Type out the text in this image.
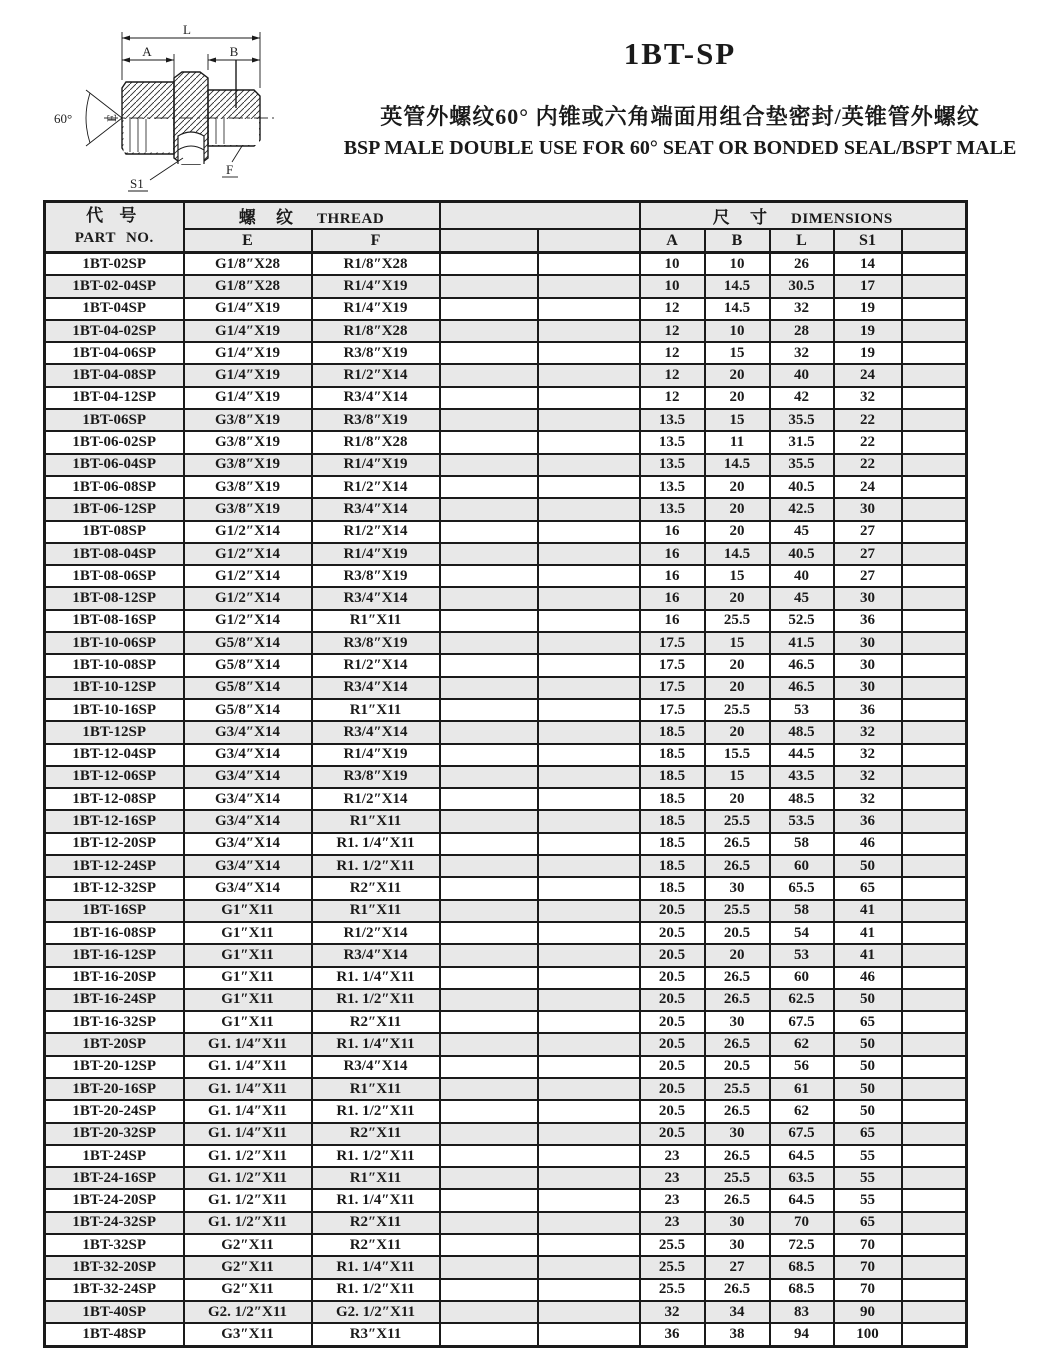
60°
L
A	B
E
F
S1
1BT-SP
英管外螺纹60° 内锥或六角端面用组合垫密封/英锥管外螺纹
BSP MALE DOUBLE USE FOR 60° SEAT OR BONDED SEAL/BSPT MALE
代 号
PART NO.	螺 纹 THREAD				尺 寸 DIMENSIONS				
	E	F			A	B	L	S1	
1BT-02SP	G1/8″X28	R1/8″X28			10	10	26	14	
1BT-02-04SP	G1/8″X28	R1/4″X19			10	14.5	30.5	17	
1BT-04SP	G1/4″X19	R1/4″X19			12	14.5	32	19	
1BT-04-02SP	G1/4″X19	R1/8″X28			12	10	28	19	
1BT-04-06SP	G1/4″X19	R3/8″X19			12	15	32	19	
1BT-04-08SP	G1/4″X19	R1/2″X14			12	20	40	24	
1BT-04-12SP	G1/4″X19	R3/4″X14			12	20	42	32	
1BT-06SP	G3/8″X19	R3/8″X19			13.5	15	35.5	22	
1BT-06-02SP	G3/8″X19	R1/8″X28			13.5	11	31.5	22	
1BT-06-04SP	G3/8″X19	R1/4″X19			13.5	14.5	35.5	22	
1BT-06-08SP	G3/8″X19	R1/2″X14			13.5	20	40.5	24	
1BT-06-12SP	G3/8″X19	R3/4″X14			13.5	20	42.5	30	
1BT-08SP	G1/2″X14	R1/2″X14			16	20	45	27	
1BT-08-04SP	G1/2″X14	R1/4″X19			16	14.5	40.5	27	
1BT-08-06SP	G1/2″X14	R3/8″X19			16	15	40	27	
1BT-08-12SP	G1/2″X14	R3/4″X14			16	20	45	30	
1BT-08-16SP	G1/2″X14	R1″X11			16	25.5	52.5	36	
1BT-10-06SP	G5/8″X14	R3/8″X19			17.5	15	41.5	30	
1BT-10-08SP	G5/8″X14	R1/2″X14			17.5	20	46.5	30	
1BT-10-12SP	G5/8″X14	R3/4″X14			17.5	20	46.5	30	
1BT-10-16SP	G5/8″X14	R1″X11			17.5	25.5	53	36	
1BT-12SP	G3/4″X14	R3/4″X14			18.5	20	48.5	32	
1BT-12-04SP	G3/4″X14	R1/4″X19			18.5	15.5	44.5	32	
1BT-12-06SP	G3/4″X14	R3/8″X19			18.5	15	43.5	32	
1BT-12-08SP	G3/4″X14	R1/2″X14			18.5	20	48.5	32	
1BT-12-16SP	G3/4″X14	R1″X11			18.5	25.5	53.5	36	
1BT-12-20SP	G3/4″X14	R1. 1/4″X11			18.5	26.5	58	46	
1BT-12-24SP	G3/4″X14	R1. 1/2″X11			18.5	26.5	60	50	
1BT-12-32SP	G3/4″X14	R2″X11			18.5	30	65.5	65	
1BT-16SP	G1″X11	R1″X11			20.5	25.5	58	41	
1BT-16-08SP	G1″X11	R1/2″X14			20.5	20.5	54	41	
1BT-16-12SP	G1″X11	R3/4″X14			20.5	20	53	41	
1BT-16-20SP	G1″X11	R1. 1/4″X11			20.5	26.5	60	46	
1BT-16-24SP	G1″X11	R1. 1/2″X11			20.5	26.5	62.5	50	
1BT-16-32SP	G1″X11	R2″X11			20.5	30	67.5	65	
1BT-20SP	G1. 1/4″X11	R1. 1/4″X11			20.5	26.5	62	50	
1BT-20-12SP	G1. 1/4″X11	R3/4″X14			20.5	20.5	56	50	
1BT-20-16SP	G1. 1/4″X11	R1″X11			20.5	25.5	61	50	
1BT-20-24SP	G1. 1/4″X11	R1. 1/2″X11			20.5	26.5	62	50	
1BT-20-32SP	G1. 1/4″X11	R2″X11			20.5	30	67.5	65	
1BT-24SP	G1. 1/2″X11	R1. 1/2″X11			23	26.5	64.5	55	
1BT-24-16SP	G1. 1/2″X11	R1″X11			23	25.5	63.5	55	
1BT-24-20SP	G1. 1/2″X11	R1. 1/4″X11			23	26.5	64.5	55	
1BT-24-32SP	G1. 1/2″X11	R2″X11			23	30	70	65	
1BT-32SP	G2″X11	R2″X11			25.5	30	72.5	70	
1BT-32-20SP	G2″X11	R1. 1/4″X11			25.5	27	68.5	70	
1BT-32-24SP	G2″X11	R1. 1/2″X11			25.5	26.5	68.5	70	
1BT-40SP	G2. 1/2″X11	G2. 1/2″X11			32	34	83	90	
1BT-48SP	G3″X11	R3″X11			36	38	94	100	
